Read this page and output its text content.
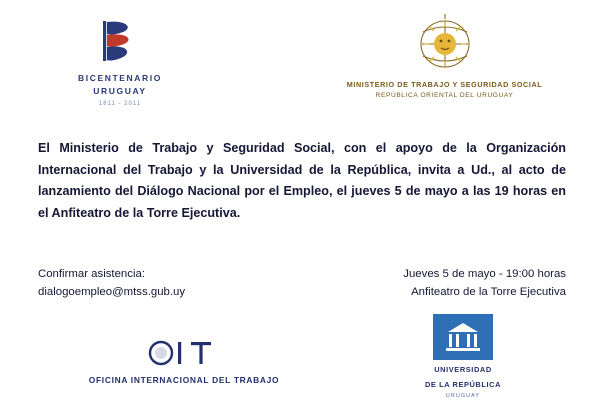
BICENTENARIO
URUGUAY
1811 - 2011
MINISTERIO DE TRABAJO Y SEGURIDAD SOCIAL
REPÚBLICA ORIENTAL DEL URUGUAY
El Ministerio de Trabajo y Seguridad Social, con el apoyo de la Organización Internacional del Trabajo y la Universidad de la República, invita a Ud., al acto de lanzamiento del Diálogo Nacional por el Empleo, el jueves 5 de mayo a las 19 horas en el Anfiteatro de la Torre Ejecutiva.
Confirmar asistencia:
dialogoempleo@mtss.gub.uy
Jueves 5 de mayo - 19:00 horas
Anfiteatro de la Torre Ejecutiva
OFICINA INTERNACIONAL DEL TRABAJO
UNIVERSIDAD
DE LA REPÚBLICA
URUGUAY
